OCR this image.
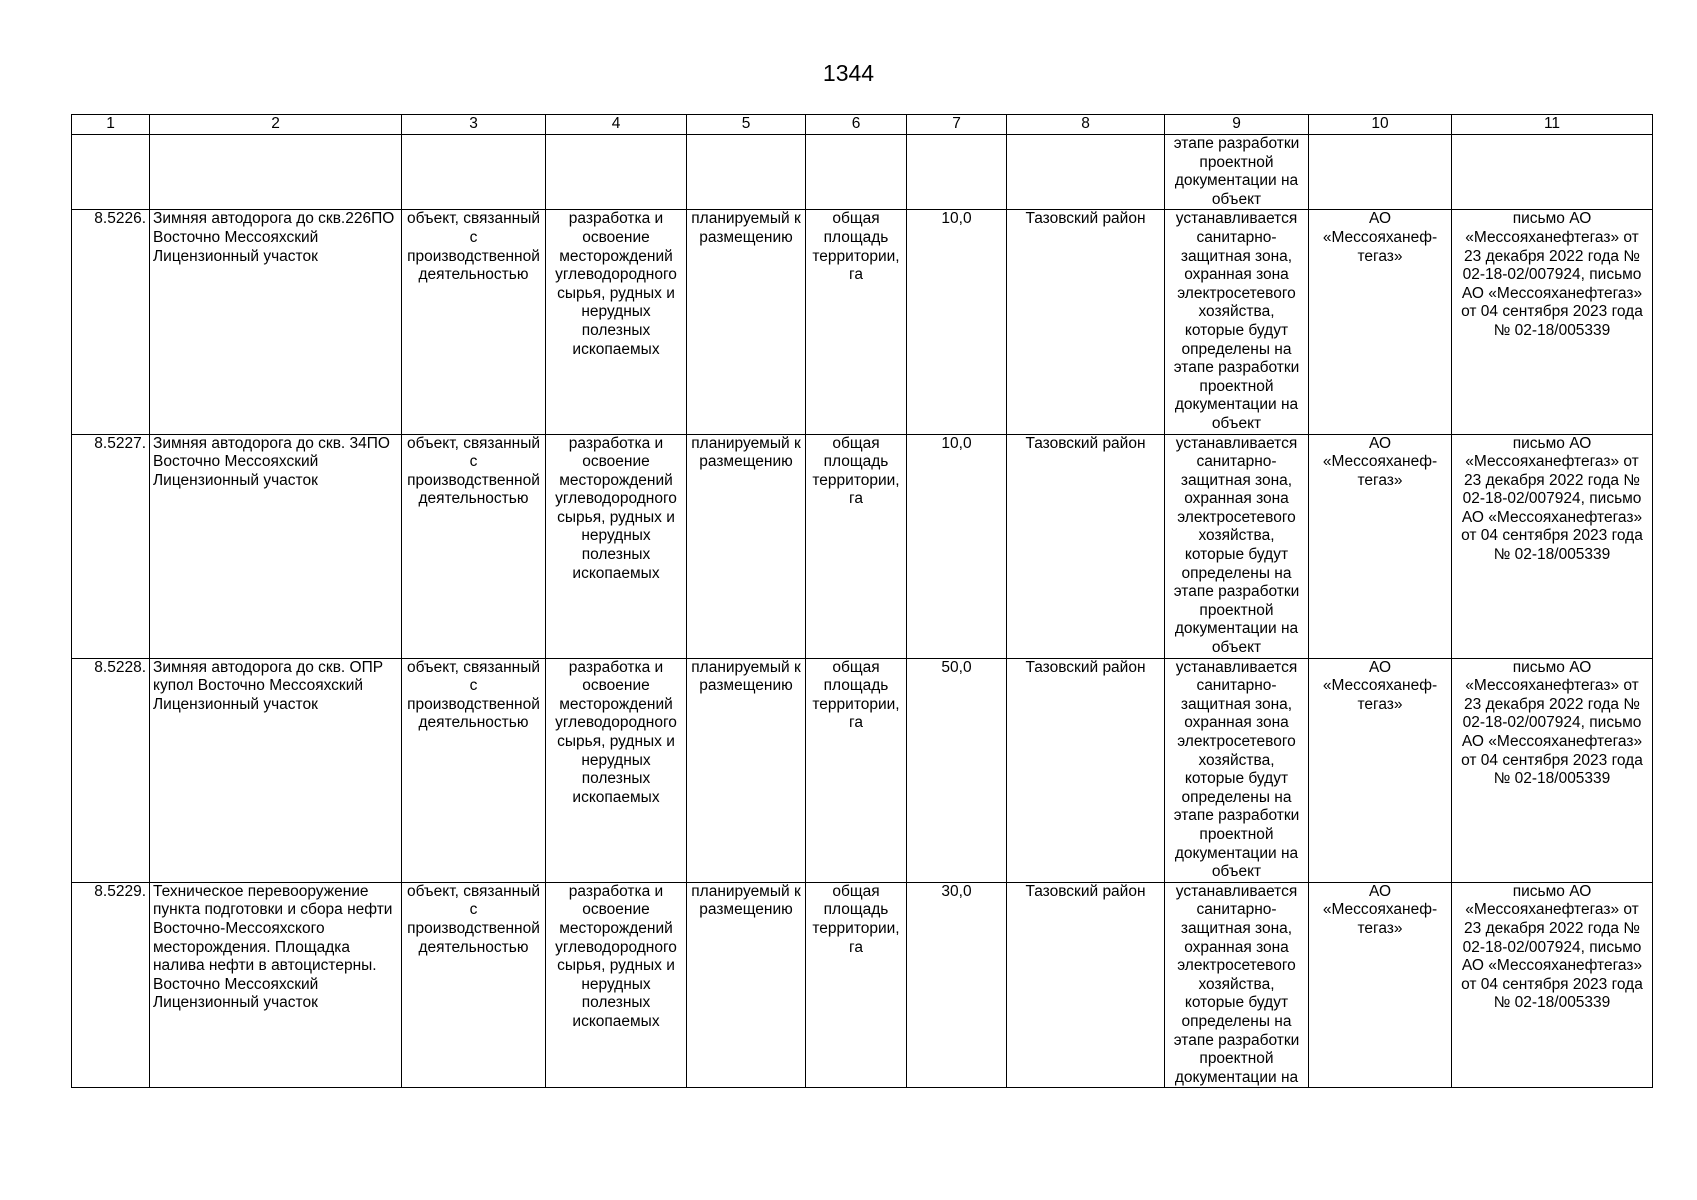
1344
1	2	3	4	5	6	7	8	9	10	11
								этапе разработки проектной документации на объект		
8.5226.	Зимняя автодорога до скв.226ПО Восточно Мессояхский Лицензионный участок	объект, связанный с производственной деятельностью	разработка и освоение месторождений углеводородного сырья, рудных и нерудных полезных ископаемых	планируемый к размещению	общая площадь территории, га	10,0	Тазовский район	устанавливается санитарно-защитная зона, охранная зона электросетевого хозяйства, которые будут определены на этапе разработки проектной документации на объект	АО «Мессояханеф-тегаз»	письмо АО «Мессояханефтегаз» от 23 декабря 2022 года № 02-18-02/007924, письмо АО «Мессояханефтегаз» от 04 сентября 2023 года № 02-18/005339
8.5227.	Зимняя автодорога до скв. 34ПО Восточно Мессояхский Лицензионный участок	объект, связанный с производственной деятельностью	разработка и освоение месторождений углеводородного сырья, рудных и нерудных полезных ископаемых	планируемый к размещению	общая площадь территории, га	10,0	Тазовский район	устанавливается санитарно-защитная зона, охранная зона электросетевого хозяйства, которые будут определены на этапе разработки проектной документации на объект	АО «Мессояханеф-тегаз»	письмо АО «Мессояханефтегаз» от 23 декабря 2022 года № 02-18-02/007924, письмо АО «Мессояханефтегаз» от 04 сентября 2023 года № 02-18/005339
8.5228.	Зимняя автодорога до скв. ОПР купол Восточно Мессояхский Лицензионный участок	объект, связанный с производственной деятельностью	разработка и освоение месторождений углеводородного сырья, рудных и нерудных полезных ископаемых	планируемый к размещению	общая площадь территории, га	50,0	Тазовский район	устанавливается санитарно-защитная зона, охранная зона электросетевого хозяйства, которые будут определены на этапе разработки проектной документации на объект	АО «Мессояханеф-тегаз»	письмо АО «Мессояханефтегаз» от 23 декабря 2022 года № 02-18-02/007924, письмо АО «Мессояханефтегаз» от 04 сентября 2023 года № 02-18/005339
8.5229.	Техническое перевооружение пункта подготовки и сбора нефти Восточно-Мессояхского месторождения. Площадка налива нефти в автоцистерны. Восточно Мессояхский Лицензионный участок	объект, связанный с производственной деятельностью	разработка и освоение месторождений углеводородного сырья, рудных и нерудных полезных ископаемых	планируемый к размещению	общая площадь территории, га	30,0	Тазовский район	устанавливается санитарно-защитная зона, охранная зона электросетевого хозяйства, которые будут определены на этапе разработки проектной документации на	АО «Мессояханеф-тегаз»	письмо АО «Мессояханефтегаз» от 23 декабря 2022 года № 02-18-02/007924, письмо АО «Мессояханефтегаз» от 04 сентября 2023 года № 02-18/005339
